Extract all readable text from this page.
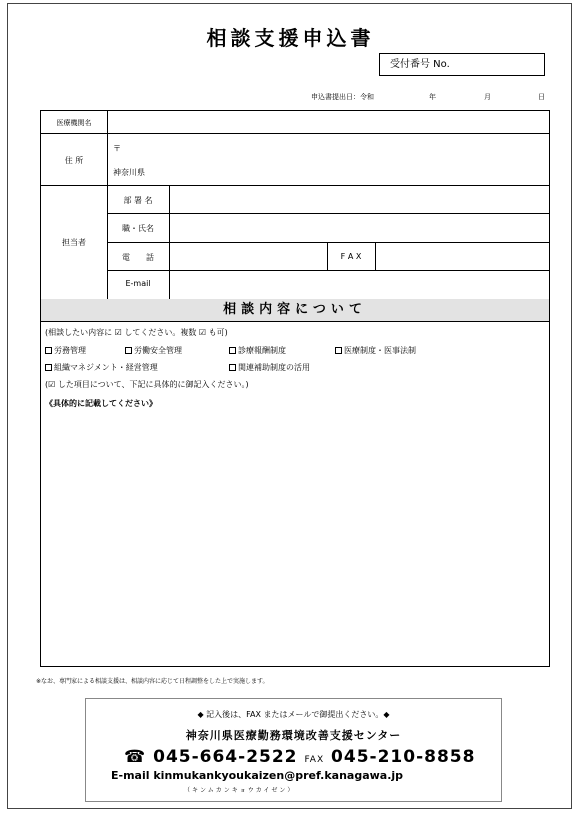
相談支援申込書
受付番号 No.
申込書提出日：令和	年	月	日
医療機関名
住 所
〒
神奈川県
担当者
部 署 名
職・氏名
電　　話	F A X
E-mail
相談内容について
(相談したい内容に ☑ してください。複数 ☑ も可)
労務管理	労働安全管理	診療報酬制度	医療制度・医事法制
組織マネジメント・経営管理	関連補助制度の活用
(☑ した項目について、下記に具体的に御記入ください。)
《具体的に記載してください》
※なお、専門家による相談支援は、相談内容に応じて日程調整をした上で実施します。
◆ 記入後は、FAX またはメールで御提出ください。◆
神奈川県医療勤務環境改善支援センター
☎ 045-664-2522 FAX 045-210-8858
E-mail kinmukankyoukaizen@pref.kanagawa.jp
（キンムカンキョウカイゼン）
